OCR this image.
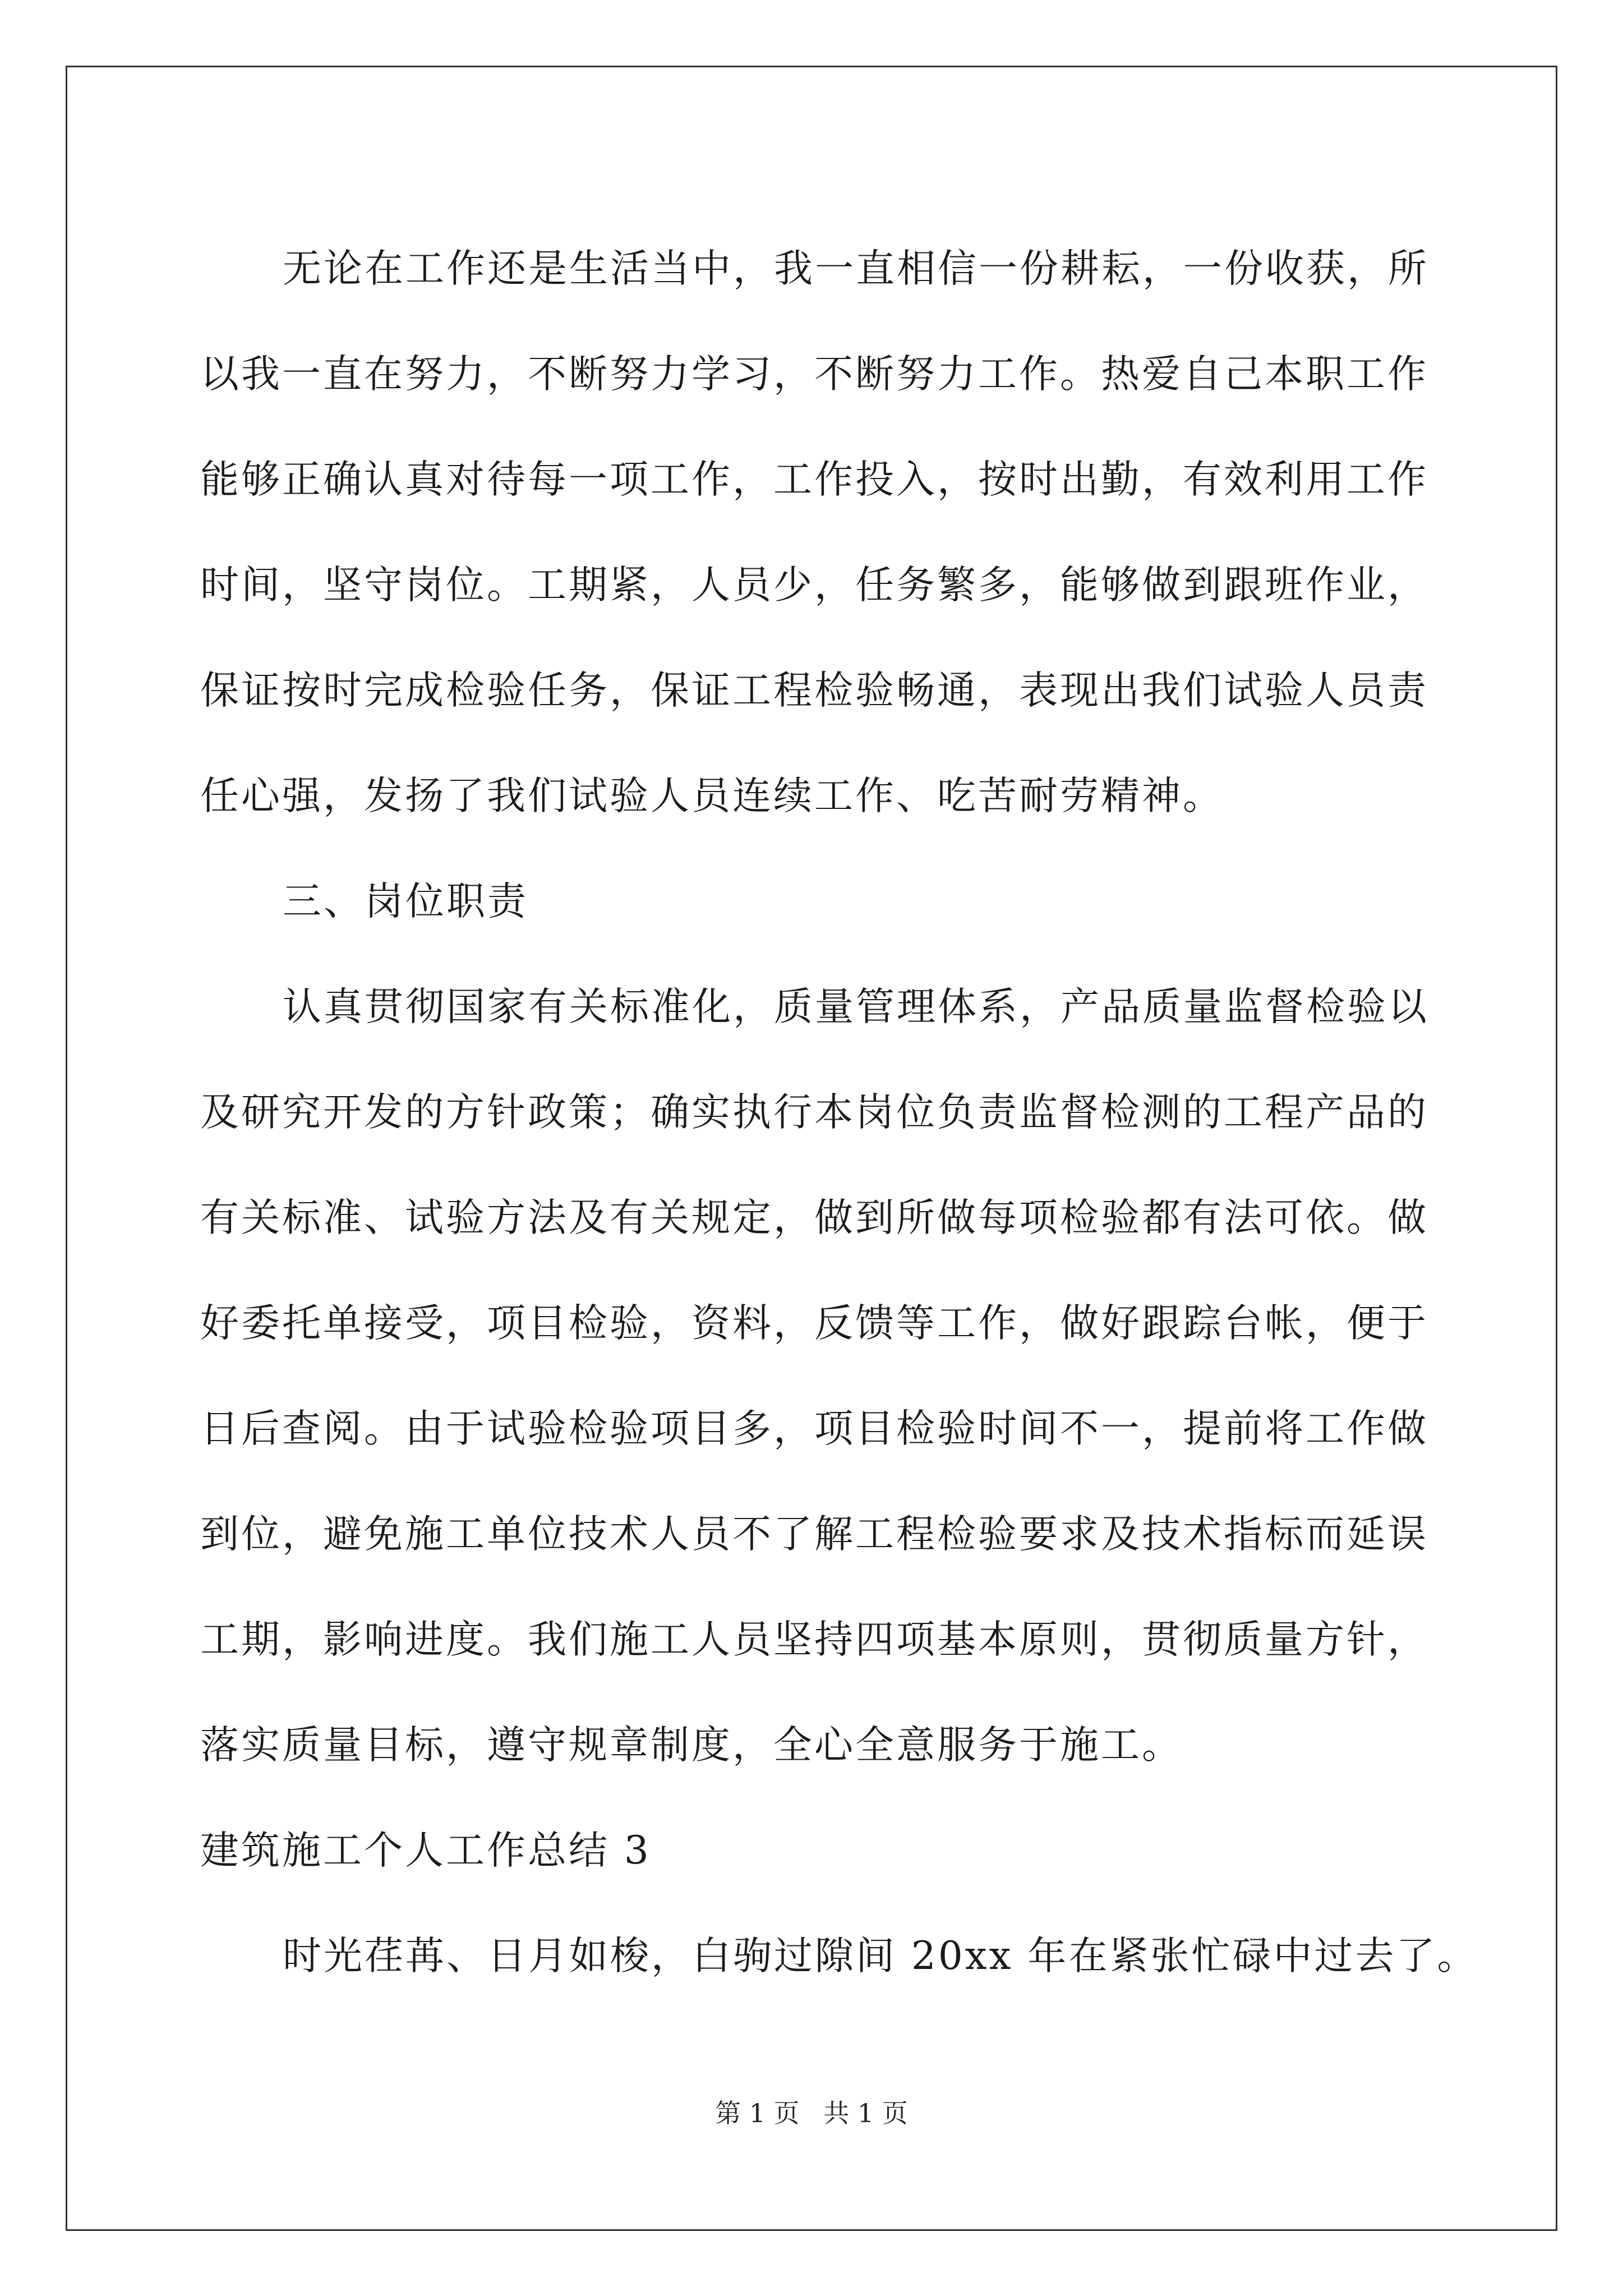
无论在工作还是生活当中，我一直相信一份耕耘，一份收获，所
以我一直在努力，不断努力学习，不断努力工作。热爱自己本职工作
能够正确认真对待每一项工作，工作投入，按时出勤，有效利用工作
时间，坚守岗位。工期紧，人员少，任务繁多，能够做到跟班作业，
保证按时完成检验任务，保证工程检验畅通，表现出我们试验人员责
任心强，发扬了我们试验人员连续工作、吃苦耐劳精神。

三、岗位职责

认真贯彻国家有关标准化，质量管理体系，产品质量监督检验以
及研究开发的方针政策；确实执行本岗位负责监督检测的工程产品的
有关标准、试验方法及有关规定，做到所做每项检验都有法可依。做
好委托单接受，项目检验，资料，反馈等工作，做好跟踪台帐，便于
日后查阅。由于试验检验项目多，项目检验时间不一，提前将工作做
到位，避免施工单位技术人员不了解工程检验要求及技术指标而延误
工期，影响进度。我们施工人员坚持四项基本原则，贯彻质量方针，
落实质量目标，遵守规章制度，全心全意服务于施工。

建筑施工个人工作总结 3

时光荏苒、日月如梭，白驹过隙间 20xx 年在紧张忙碌中过去了。

第 1 页 共 1 页
